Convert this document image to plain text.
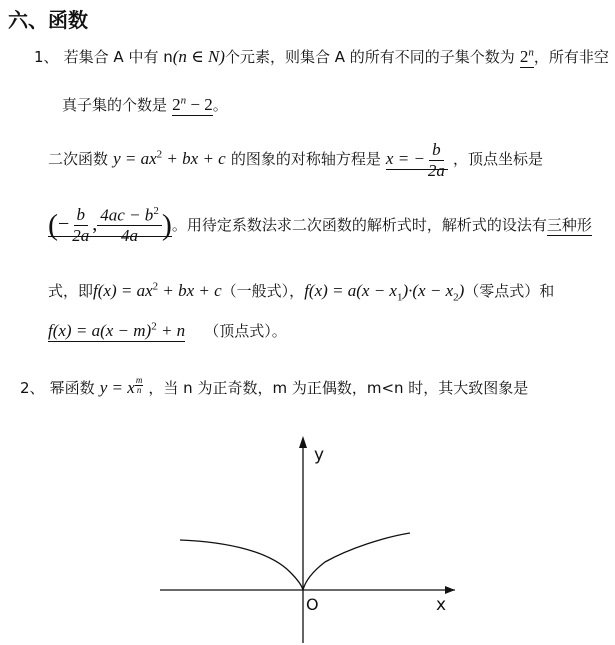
六、函数
1、 若集合 A 中有 n(n ∈ N)个元素，则集合 A 的所有不同的子集个数为 2$^n$，所有非空
真子集的个数是 $2^n - 2$。
二次函数 $y = ax^2$ + bx + c 的图象的对称轴方程是 x = − $\frac{b}{2a}$ ，顶点坐标是
(− $\frac{b}{2a}$ , $\frac{4ac - b^2}{4a}$ )。用待定系数法求二次函数的解析式时，解析式的设法有三种形
式，即$f(x) = ax^2$ + bx + c（一般式），$f(x) = a(x - x_1)\cdot(x - x_2)$（零点式）和
$f(x) = a(x - m)^2 + n$ （顶点式）。
2、 幂函数 y = x $^{\frac{m}{n}}$ ，当 n 为正奇数，m 为正偶数，m<n 时，其大致图象是
y
x
O
